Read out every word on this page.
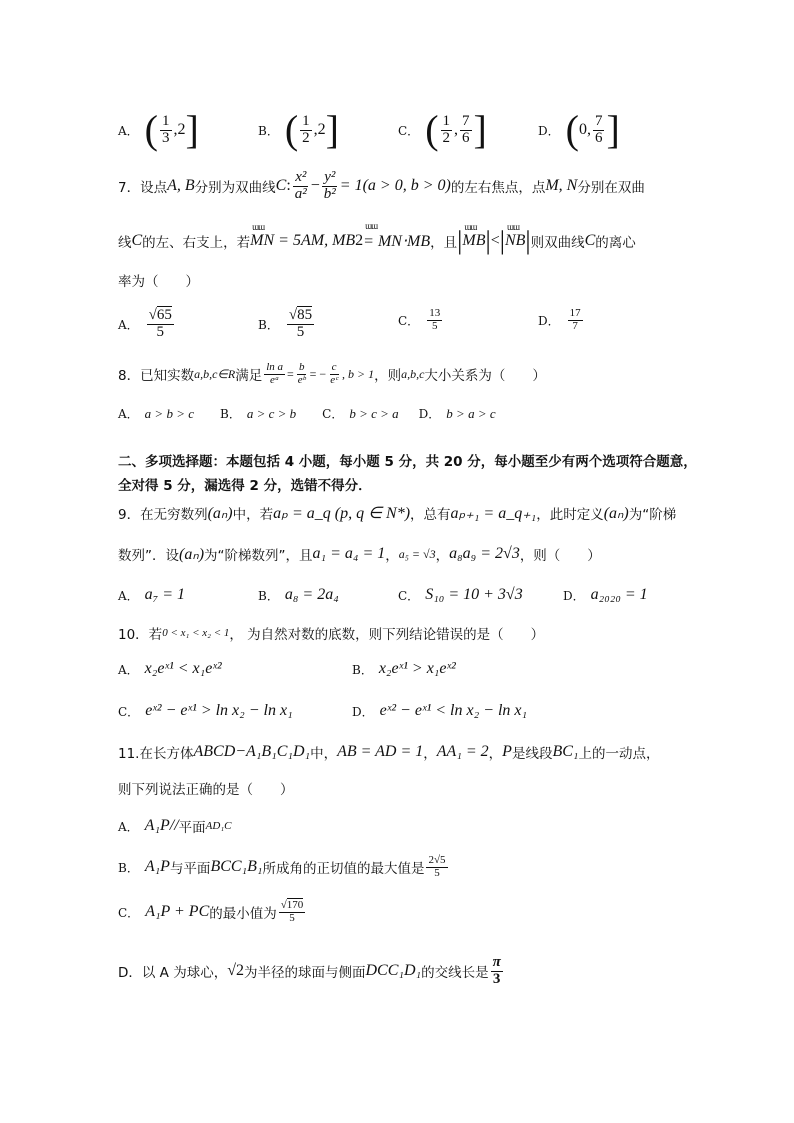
A． ( $\frac{1}{3} ,2$ ]	B． ( $\frac{1}{2} ,2$ ]	C． ( $\frac{1}{2}$ , $\frac{7}{6}$ ]	D． ( 0, $\frac{7}{6}$ ]
7．设点 A, B 分别为双曲线 C : $\frac{\text{x²}}{\text{a²}} - \frac{\text{y²}}{\text{b²}} = 1(a > 0$, b > 0) 的左右焦点，点 M, N 分别在双曲
线 C 的左、右支上，若 ɯɯ MN = 5AM, MB 2 ɯɯ = MN⋅MB ，且 | ɯɯ MB | < | ɯɯ NB | 则双曲线 C 的离心
率为（　　）
A． $\frac{√65}{5}$	B． $\frac{√85}{5}$	C． $\frac{13}{5}$	D． $\frac{17}{7}$
8．已知实数 a,b,c∈R 满足 $\frac{\text{ln a}}{\text{eᵃ}} = \frac{b}{\text{eᵇ}}$ = − $\frac{c}{\text{eᶜ}}$ , b > 1 ，则 a,b,c 大小关系为（　　）
A． a > b > c B． a > c > b C． b > c > a D． b > a > c
二、多项选择题：本题包括 4 小题，每小题 5 分，共 20 分，每小题至少有两个选项符合题意，全对得 5 分，漏选得 2 分，选错不得分．
9．在无穷数列 (aₙ) 中，若 aₚ = a_q (p, q ∈ N*) ，总有 aₚ₊₁ = a_q₊₁ ，此时定义 (aₙ) 为“阶梯
数列”．设 (aₙ) 为“阶梯数列”，且 a₁ = a₄ = 1 ， a₅ = √3 ， a₈a₉ = 2√3 ，则（　　）
A． a₇ = 1	B． a₈ = 2a₄	C． S₁₀ = 10 + 3√3	D． a₂₀₂₀ = 1
10．若 0 < x₁ < x₂ < 1 ， 为自然对数的底数，则下列结论错误的是（　　）
A． x₂eˣ¹ < x₁eˣ²	B． x₂eˣ¹ > x₁eˣ²
C． eˣ² − eˣ¹ > ln x₂ − ln x₁	D． eˣ² − eˣ¹ < ln x₂ − ln x₁
11.在长方体 ABCD−A₁B₁C₁D₁ 中， AB = AD = 1 ， AA₁ = 2 ， P 是线段 BC₁ 上的一动点，
则下列说法正确的是（　　）
A． A₁P// 平面 AD₁C
B． A₁P 与平面 BCC₁B₁ 所成角的正切值的最大值是 $\frac{2√5}{5}$
C． A₁P + PC 的最小值为 $\frac{√170}{5}$
D．以 A 为球心， √2 为半径的球面与侧面 DCC₁D₁ 的交线长是 $\frac{\pi}{3}$
